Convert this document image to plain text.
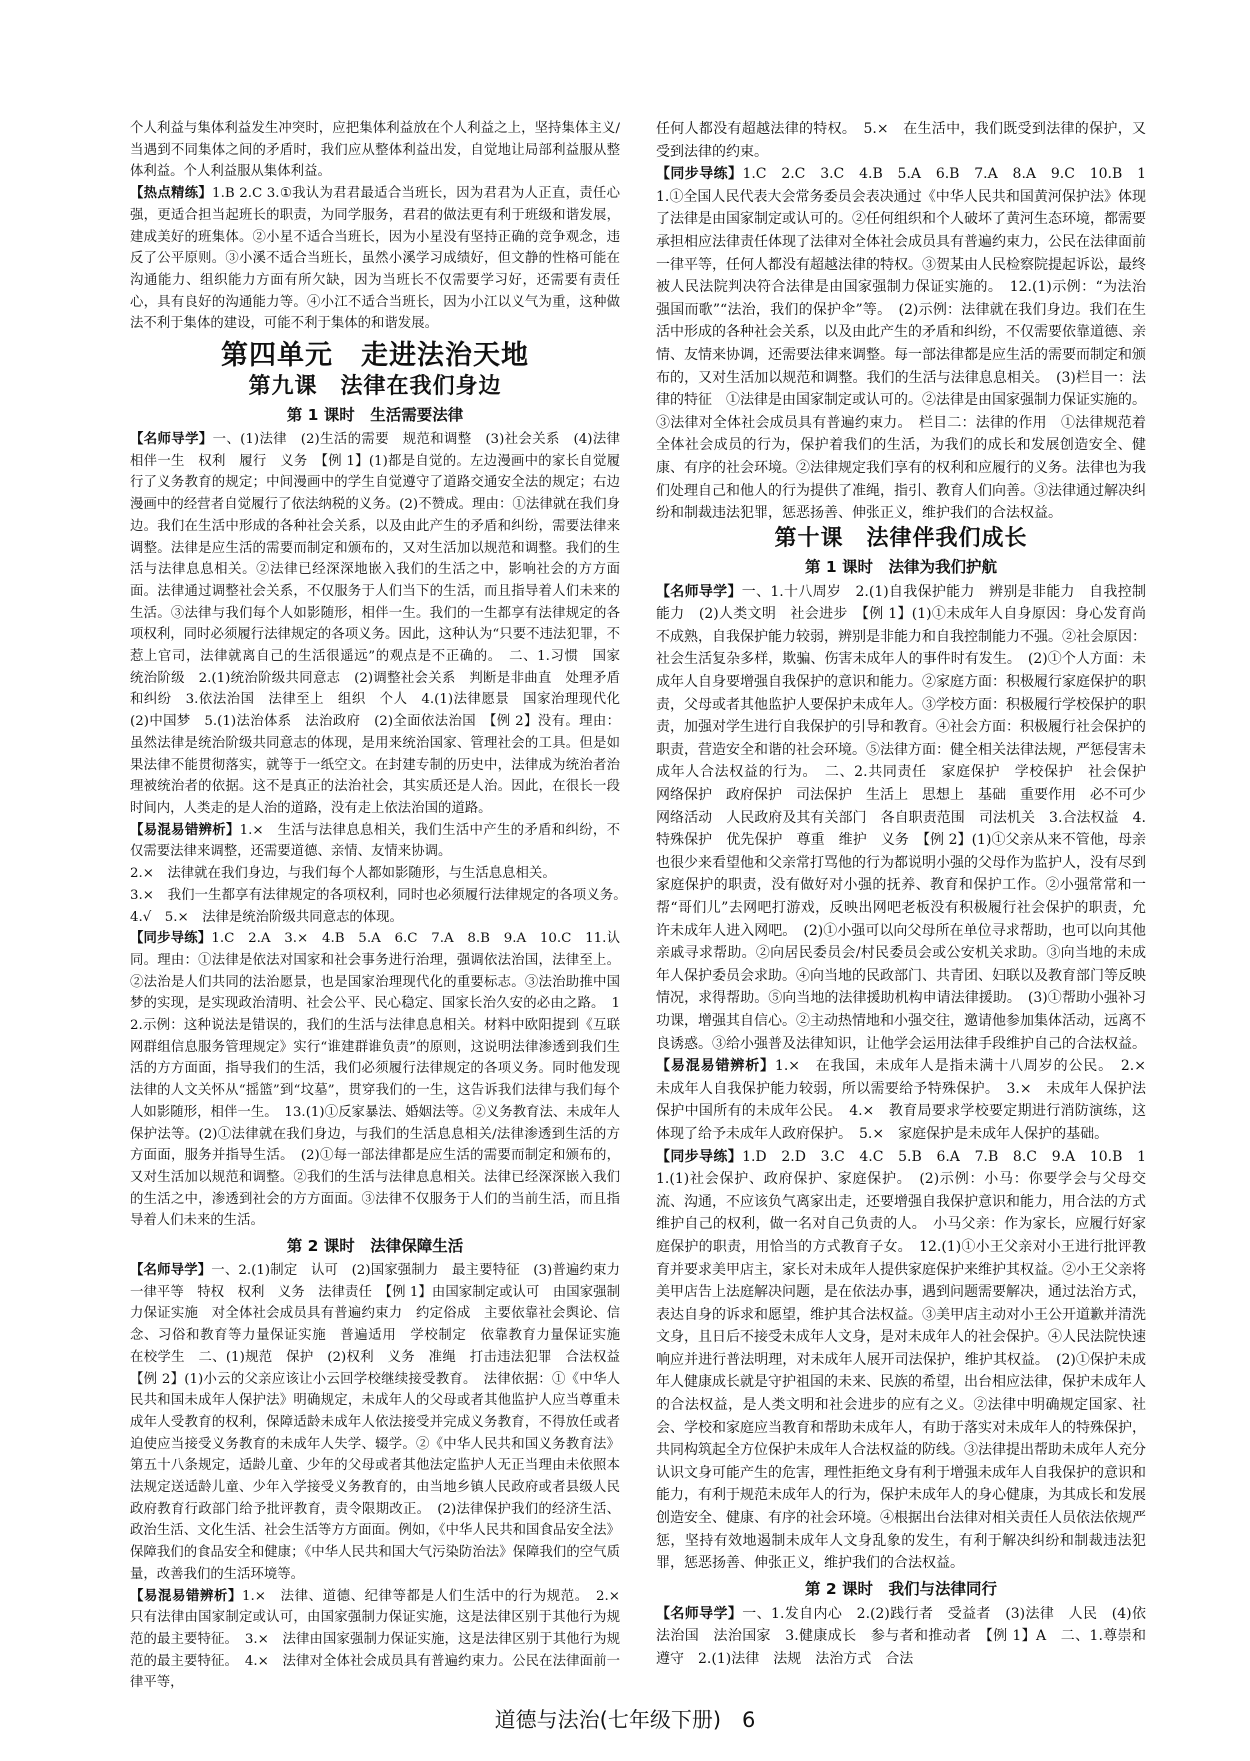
个人利益与集体利益发生冲突时，应把集体利益放在个人利益之上，坚持集体主义/当遇到不同集体之间的矛盾时，我们应从整体利益出发，自觉地让局部利益服从整体利益。个人利益服从集体利益。

【热点精练】1.B 2.C 3.①我认为君君最适合当班长，因为君君为人正直，责任心强，更适合担当起班长的职责，为同学服务，君君的做法更有利于班级和谐发展，建成美好的班集体。②小星不适合当班长，因为小星没有坚持正确的竞争观念，违反了公平原则。③小溪不适合当班长，虽然小溪学习成绩好，但文静的性格可能在沟通能力、组织能力方面有所欠缺，因为当班长不仅需要学习好，还需要有责任心，具有良好的沟通能力等。④小江不适合当班长，因为小江以义气为重，这种做法不利于集体的建设，可能不利于集体的和谐发展。

第四单元　走进法治天地
第九课　法律在我们身边
第 1 课时　生活需要法律

【名师导学】一、(1)法律　(2)生活的需要　规范和调整　(3)社会关系　(4)法律　相伴一生　权利　履行　义务　【例 1】(1)都是自觉的。左边漫画中的家长自觉履行了义务教育的规定；中间漫画中的学生自觉遵守了道路交通安全法的规定；右边漫画中的经营者自觉履行了依法纳税的义务。(2)不赞成。理由：①法律就在我们身边。我们在生活中形成的各种社会关系，以及由此产生的矛盾和纠纷，需要法律来调整。法律是应生活的需要而制定和颁布的，又对生活加以规范和调整。我们的生活与法律息息相关。②法律已经深深地嵌入我们的生活之中，影响社会的方方面面。法律通过调整社会关系，不仅服务于人们当下的生活，而且指导着人们未来的生活。③法律与我们每个人如影随形，相伴一生。我们的一生都享有法律规定的各项权利，同时必须履行法律规定的各项义务。因此，这种认为“只要不违法犯罪，不惹上官司，法律就离自己的生活很遥远”的观点是不正确的。　二、1.习惯　国家　统治阶级　2.(1)统治阶级共同意志　(2)调整社会关系　判断是非曲直　处理矛盾和纠纷　3.依法治国　法律至上　组织　个人　4.(1)法律愿景　国家治理现代化　(2)中国梦　5.(1)法治体系　法治政府　(2)全面依法治国　【例 2】没有。理由：虽然法律是统治阶级共同意志的体现，是用来统治国家、管理社会的工具。但是如果法律不能贯彻落实，就等于一纸空文。在封建专制的历史中，法律成为统治者治理被统治者的依据。这不是真正的法治社会，其实质还是人治。因此，在很长一段时间内，人类走的是人治的道路，没有走上依法治国的道路。

【易混易错辨析】1.×　生活与法律息息相关，我们生活中产生的矛盾和纠纷，不仅需要法律来调整，还需要道德、亲情、友情来协调。

2.×　法律就在我们身边，与我们每个人都如影随形，与生活息息相关。

3.×　我们一生都享有法律规定的各项权利，同时也必须履行法律规定的各项义务。　4.√　5.×　法律是统治阶级共同意志的体现。

【同步导练】1.C　2.A　3.×　4.B　5.A　6.C　7.A　8.B　9.A　10.C　11.认同。理由：①法律是依法对国家和社会事务进行治理，强调依法治国，法律至上。②法治是人们共同的法治愿景，也是国家治理现代化的重要标志。③法治助推中国梦的实现，是实现政治清明、社会公平、民心稳定、国家长治久安的必由之路。　12.示例：这种说法是错误的，我们的生活与法律息息相关。材料中欧阳提到《互联网群组信息服务管理规定》实行“谁建群谁负责”的原则，这说明法律渗透到我们生活的方方面面，指导我们的生活，我们必须履行法律规定的各项义务。同时他发现法律的人文关怀从“摇篮”到“坟墓”，贯穿我们的一生，这告诉我们法律与我们每个人如影随形，相伴一生。　13.(1)①反家暴法、婚姻法等。②义务教育法、未成年人保护法等。(2)①法律就在我们身边，与我们的生活息息相关/法律渗透到生活的方方面面，服务并指导生活。　(2)①每一部法律都是应生活的需要而制定和颁布的，又对生活加以规范和调整。②我们的生活与法律息息相关。法律已经深深嵌入我们的生活之中，渗透到社会的方方面面。③法律不仅服务于人们的当前生活，而且指导着人们未来的生活。

第 2 课时　法律保障生活

【名师导学】一、2.(1)制定　认可　(2)国家强制力　最主要特征　(3)普遍约束力　一律平等　特权　权利　义务　法律责任　【例 1】由国家制定或认可　由国家强制力保证实施　对全体社会成员具有普遍约束力　约定俗成　主要依靠社会舆论、信念、习俗和教育等力量保证实施　普遍适用　学校制定　依靠教育力量保证实施　在校学生　二、(1)规范　保护　(2)权利　义务　准绳　打击违法犯罪　合法权益　【例 2】(1)小云的父亲应该让小云回学校继续接受教育。　法律依据：①《中华人民共和国未成年人保护法》明确规定，未成年人的父母或者其他监护人应当尊重未成年人受教育的权利，保障适龄未成年人依法接受并完成义务教育，不得放任或者迫使应当接受义务教育的未成年人失学、辍学。②《中华人民共和国义务教育法》第五十八条规定，适龄儿童、少年的父母或者其他法定监护人无正当理由未依照本法规定送适龄儿童、少年入学接受义务教育的，由当地乡镇人民政府或者县级人民政府教育行政部门给予批评教育，责令限期改正。　(2)法律保护我们的经济生活、政治生活、文化生活、社会生活等方方面面。例如，《中华人民共和国食品安全法》保障我们的食品安全和健康；《中华人民共和国大气污染防治法》保障我们的空气质量，改善我们的生活环境等。

【易混易错辨析】1.×　法律、道德、纪律等都是人们生活中的行为规范。　2.×　只有法律由国家制定或认可，由国家强制力保证实施，这是法律区别于其他行为规范的最主要特征。　3.×　法律由国家强制力保证实施，这是法律区别于其他行为规范的最主要特征。　4.×　法律对全体社会成员具有普遍约束力。公民在法律面前一律平等，

任何人都没有超越法律的特权。　5.×　在生活中，我们既受到法律的保护，又受到法律的约束。

【同步导练】1.C　2.C　3.C　4.B　5.A　6.B　7.A　8.A　9.C　10.B　11.①全国人民代表大会常务委员会表决通过《中华人民共和国黄河保护法》体现了法律是由国家制定或认可的。②任何组织和个人破坏了黄河生态环境，都需要承担相应法律责任体现了法律对全体社会成员具有普遍约束力，公民在法律面前一律平等，任何人都没有超越法律的特权。③贺某由人民检察院提起诉讼，最终被人民法院判决符合法律是由国家强制力保证实施的。　12.(1)示例：“为法治强国而歌”“法治，我们的保护伞”等。　(2)示例：法律就在我们身边。我们在生活中形成的各种社会关系，以及由此产生的矛盾和纠纷，不仅需要依靠道德、亲情、友情来协调，还需要法律来调整。每一部法律都是应生活的需要而制定和颁布的，又对生活加以规范和调整。我们的生活与法律息息相关。　(3)栏目一：法律的特征　①法律是由国家制定或认可的。②法律是由国家强制力保证实施的。③法律对全体社会成员具有普遍约束力。　栏目二：法律的作用　①法律规范着全体社会成员的行为，保护着我们的生活，为我们的成长和发展创造安全、健康、有序的社会环境。②法律规定我们享有的权利和应履行的义务。法律也为我们处理自己和他人的行为提供了准绳，指引、教育人们向善。③法律通过解决纠纷和制裁违法犯罪，惩恶扬善、伸张正义，维护我们的合法权益。

第十课　法律伴我们成长
第 1 课时　法律为我们护航

【名师导学】一、1.十八周岁　2.(1)自我保护能力　辨别是非能力　自我控制能力　(2)人类文明　社会进步　【例 1】(1)①未成年人自身原因：身心发育尚不成熟，自我保护能力较弱，辨别是非能力和自我控制能力不强。②社会原因：社会生活复杂多样，欺骗、伤害未成年人的事件时有发生。　(2)①个人方面：未成年人自身要增强自我保护的意识和能力。②家庭方面：积极履行家庭保护的职责，父母或者其他监护人要保护未成年人。③学校方面：积极履行学校保护的职责，加强对学生进行自我保护的引导和教育。④社会方面：积极履行社会保护的职责，营造安全和谐的社会环境。⑤法律方面：健全相关法律法规，严惩侵害未成年人合法权益的行为。　二、2.共同责任　家庭保护　学校保护　社会保护　网络保护　政府保护　司法保护　生活上　思想上　基础　重要作用　必不可少　网络活动　人民政府及其有关部门　各自职责范围　司法机关　3.合法权益　4.特殊保护　优先保护　尊重　维护　义务　【例 2】(1)①父亲从来不管他，母亲也很少来看望他和父亲常打骂他的行为都说明小强的父母作为监护人，没有尽到家庭保护的职责，没有做好对小强的抚养、教育和保护工作。②小强常常和一帮“哥们儿”去网吧打游戏，反映出网吧老板没有积极履行社会保护的职责，允许未成年人进入网吧。　(2)①小强可以向父母所在单位寻求帮助，也可以向其他亲戚寻求帮助。②向居民委员会/村民委员会或公安机关求助。③向当地的未成年人保护委员会求助。④向当地的民政部门、共青团、妇联以及教育部门等反映情况，求得帮助。⑤向当地的法律援助机构申请法律援助。　(3)①帮助小强补习功课，增强其自信心。②主动热情地和小强交往，邀请他参加集体活动，远离不良诱惑。③给小强普及法律知识，让他学会运用法律手段维护自己的合法权益。

【易混易错辨析】1.×　在我国，未成年人是指未满十八周岁的公民。　2.×　未成年人自我保护能力较弱，所以需要给予特殊保护。　3.×　未成年人保护法保护中国所有的未成年公民。　4.×　教育局要求学校要定期进行消防演练，这体现了给予未成年人政府保护。　5.×　家庭保护是未成年人保护的基础。

【同步导练】1.D　2.D　3.C　4.C　5.B　6.A　7.B　8.C　9.A　10.B　11.(1)社会保护、政府保护、家庭保护。　(2)示例：小马：你要学会与父母交流、沟通，不应该负气离家出走，还要增强自我保护意识和能力，用合法的方式维护自己的权利，做一名对自己负责的人。　小马父亲：作为家长，应履行好家庭保护的职责，用恰当的方式教育子女。　12.(1)①小王父亲对小王进行批评教育并要求美甲店主，家长对未成年人提供家庭保护来维护其权益。②小王父亲将美甲店告上法庭解决问题，是在依法办事，遇到问题需要解决，通过法治方式，表达自身的诉求和愿望，维护其合法权益。③美甲店主动对小王公开道歉并清洗文身，且日后不接受未成年人文身，是对未成年人的社会保护。④人民法院快速响应并进行普法明理，对未成年人展开司法保护，维护其权益。　(2)①保护未成年人健康成长就是守护祖国的未来、民族的希望，出台相应法律，保护未成年人的合法权益，是人类文明和社会进步的应有之义。②法律中明确规定国家、社会、学校和家庭应当教育和帮助未成年人，有助于落实对未成年人的特殊保护，共同构筑起全方位保护未成年人合法权益的防线。③法律提出帮助未成年人充分认识文身可能产生的危害，理性拒绝文身有利于增强未成年人自我保护的意识和能力，有利于规范未成年人的行为，保护未成年人的身心健康，为其成长和发展创造安全、健康、有序的社会环境。④根据出台法律对相关责任人员依法依规严惩，坚持有效地遏制未成年人文身乱象的发生，有利于解决纠纷和制裁违法犯罪，惩恶扬善、伸张正义，维护我们的合法权益。

第 2 课时　我们与法律同行

【名师导学】一、1.发自内心　2.(2)践行者　受益者　(3)法律　人民　(4)依法治国　法治国家　3.健康成长　参与者和推动者　【例 1】A　二、1.尊崇和遵守　2.(1)法律　法规　法治方式　合法

道德与法治(七年级下册)　6
